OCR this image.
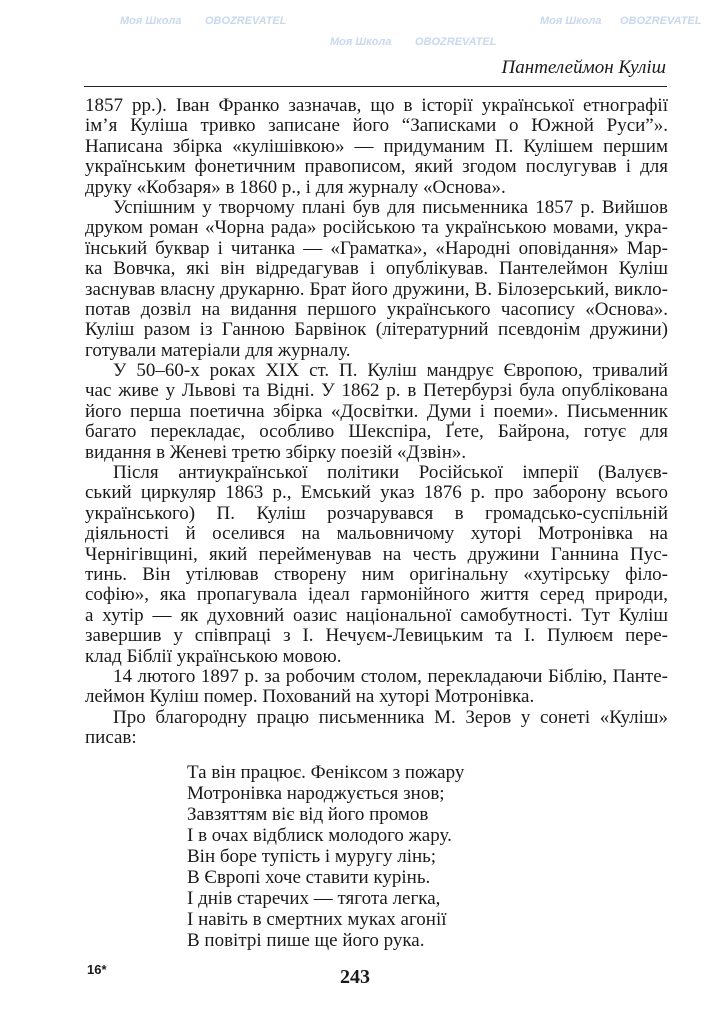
Пантелеймон Куліш
1857 рр.). Іван Франко зазначав, що в історії української етнографії
ім’я Куліша тривко записане його “Записками о Южной Руси”».
Написана збірка «кулішівкою» — придуманим П. Кулішем першим
українським фонетичним правописом, який згодом послугував і для
друку «Кобзаря» в 1860 р., і для журналу «Основа».
Успішним у творчому плані був для письменника 1857 р. Вийшов
друком роман «Чорна рада» російською та українською мовами, укра-
їнський буквар і читанка — «Граматка», «Народні оповідання» Мар-
ка Вовчка, які він відредагував і опублікував. Пантелеймон Куліш
заснував власну друкарню. Брат його дружини, В. Білозерський, викло-
потав дозвіл на видання першого українського часопису «Основа».
Куліш разом із Ганною Барвінок (літературний псевдонім дружини)
готували матеріали для журналу.
У 50–60-х роках XIX ст. П. Куліш мандрує Європою, тривалий
час живе у Львові та Відні. У 1862 р. в Петербурзі була опублікована
його перша поетична збірка «Досвітки. Думи і поеми». Письменник
багато перекладає, особливо Шекспіра, Ґете, Байрона, готує для
видання в Женеві третю збірку поезій «Дзвін».
Після антиукраїнської політики Російської імперії (Валуєв-
ський циркуляр 1863 р., Емський указ 1876 р. про заборону всього
українського) П. Куліш розчарувався в громадсько-суспільній
діяльності й оселився на мальовничому хуторі Мотронівка на
Чернігівщині, який перейменував на честь дружини Ганнина Пус-
тинь. Він утілював створену ним оригінальну «хутірську філо-
софію», яка пропагувала ідеал гармонійного життя серед природи,
а хутір — як духовний оазис національної самобутності. Тут Куліш
завершив у співпраці з І. Нечуєм-Левицьким та І. Пулюєм пере-
клад Біблії українською мовою.
14 лютого 1897 р. за робочим столом, перекладаючи Біблію, Панте-
леймон Куліш помер. Похований на хуторі Мотронівка.
Про благородну працю письменника М. Зеров у сонеті «Куліш»
писав:
Та він працює. Феніксом з пожару
Мотронівка народжується знов;
Завзяттям віє від його промов
І в очах відблиск молодого жару.
Він боре тупість і муругу лінь;
В Європі хоче ставити курінь.
І днів старечих — тягота легка,
І навіть в смертних муках агонії
В повітрі пише ще його рука.
16*	243
Моя Школа OBOZREVATEL
Моя Школа OBOZREVATEL
Моя Школа OBOZREVATEL
